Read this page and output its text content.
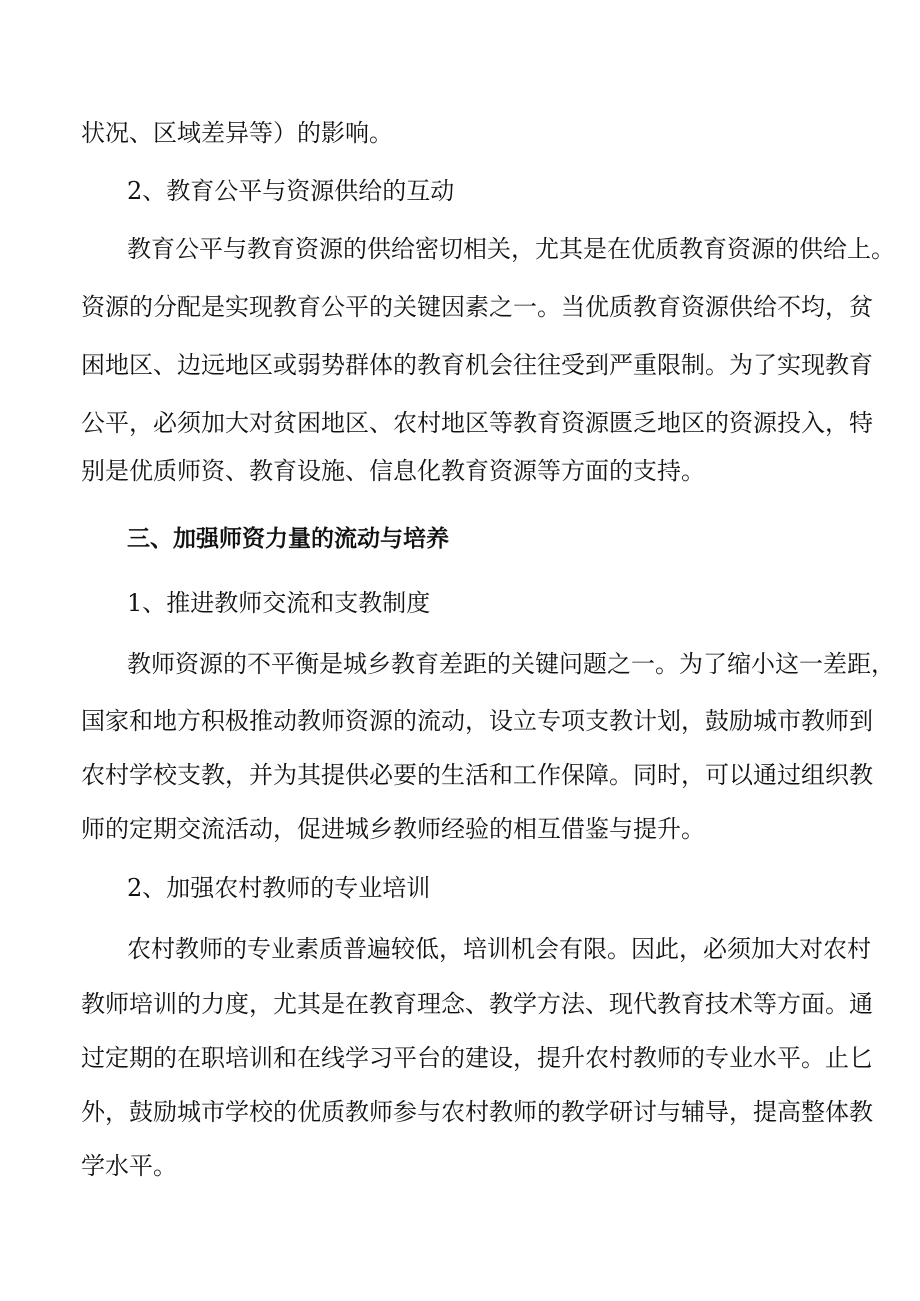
状况、区域差异等）的影响。
2、教育公平与资源供给的互动
教育公平与教育资源的供给密切相关，尤其是在优质教育资源的供给上。
资源的分配是实现教育公平的关键因素之一。当优质教育资源供给不均，贫
困地区、边远地区或弱势群体的教育机会往往受到严重限制。为了实现教育
公平，必须加大对贫困地区、农村地区等教育资源匮乏地区的资源投入，特
别是优质师资、教育设施、信息化教育资源等方面的支持。
三、加强师资力量的流动与培养
1、推进教师交流和支教制度
教师资源的不平衡是城乡教育差距的关键问题之一。为了缩小这一差距，
国家和地方积极推动教师资源的流动，设立专项支教计划，鼓励城市教师到
农村学校支教，并为其提供必要的生活和工作保障。同时，可以通过组织教
师的定期交流活动，促进城乡教师经验的相互借鉴与提升。
2、加强农村教师的专业培训
农村教师的专业素质普遍较低，培训机会有限。因此，必须加大对农村
教师培训的力度，尤其是在教育理念、教学方法、现代教育技术等方面。通
过定期的在职培训和在线学习平台的建设，提升农村教师的专业水平。止匕
外，鼓励城市学校的优质教师参与农村教师的教学研讨与辅导，提高整体教
学水平。
